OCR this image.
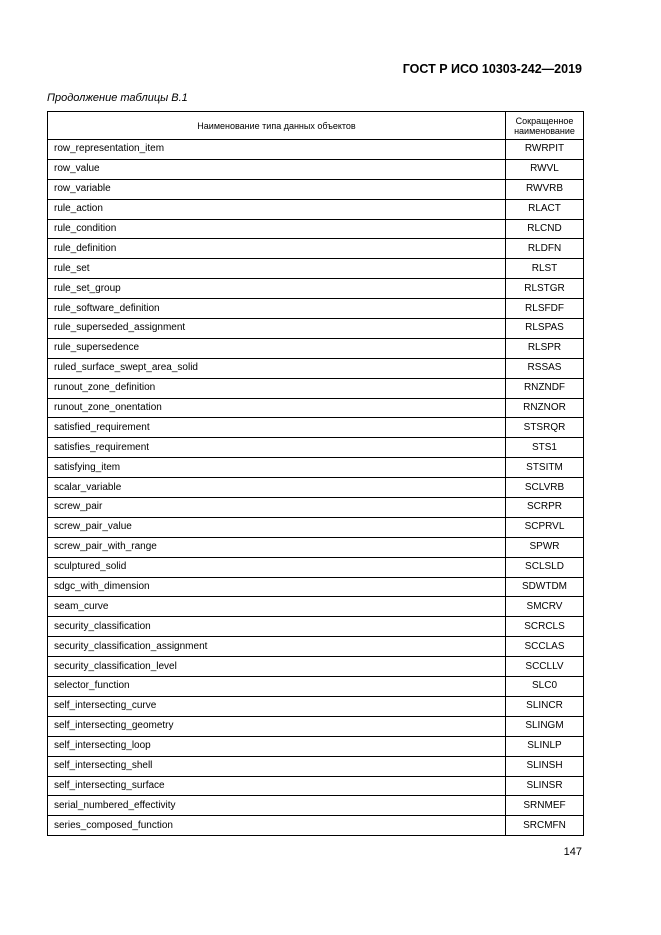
ГОСТ Р ИСО 10303-242—2019
Продолжение таблицы B.1
Наименование типа данных объектов	Сокращенное наименование
row_representation_item	RWRPIT
row_value	RWVL
row_variable	RWVRB
rule_action	RLACT
rule_condition	RLCND
rule_definition	RLDFN
rule_set	RLST
rule_set_group	RLSTGR
rule_software_definition	RLSFDF
rule_superseded_assignment	RLSPAS
rule_supersedence	RLSPR
ruled_surface_swept_area_solid	RSSAS
runout_zone_definition	RNZNDF
runout_zone_onentation	RNZNOR
satisfied_requirement	STSRQR
satisfies_requirement	STS1
satisfying_item	STSITM
scalar_variable	SCLVRB
screw_pair	SCRPR
screw_pair_value	SCPRVL
screw_pair_with_range	SPWR
sculptured_solid	SCLSLD
sdgc_with_dimension	SDWTDM
seam_curve	SMCRV
security_classification	SCRCLS
security_classification_assignment	SCCLAS
security_classification_level	SCCLLV
selector_function	SLC0
self_intersecting_curve	SLINCR
self_intersecting_geometry	SLINGM
self_intersecting_loop	SLINLP
self_intersecting_shell	SLINSH
self_intersecting_surface	SLINSR
serial_numbered_effectivity	SRNMEF
series_composed_function	SRCMFN
147
